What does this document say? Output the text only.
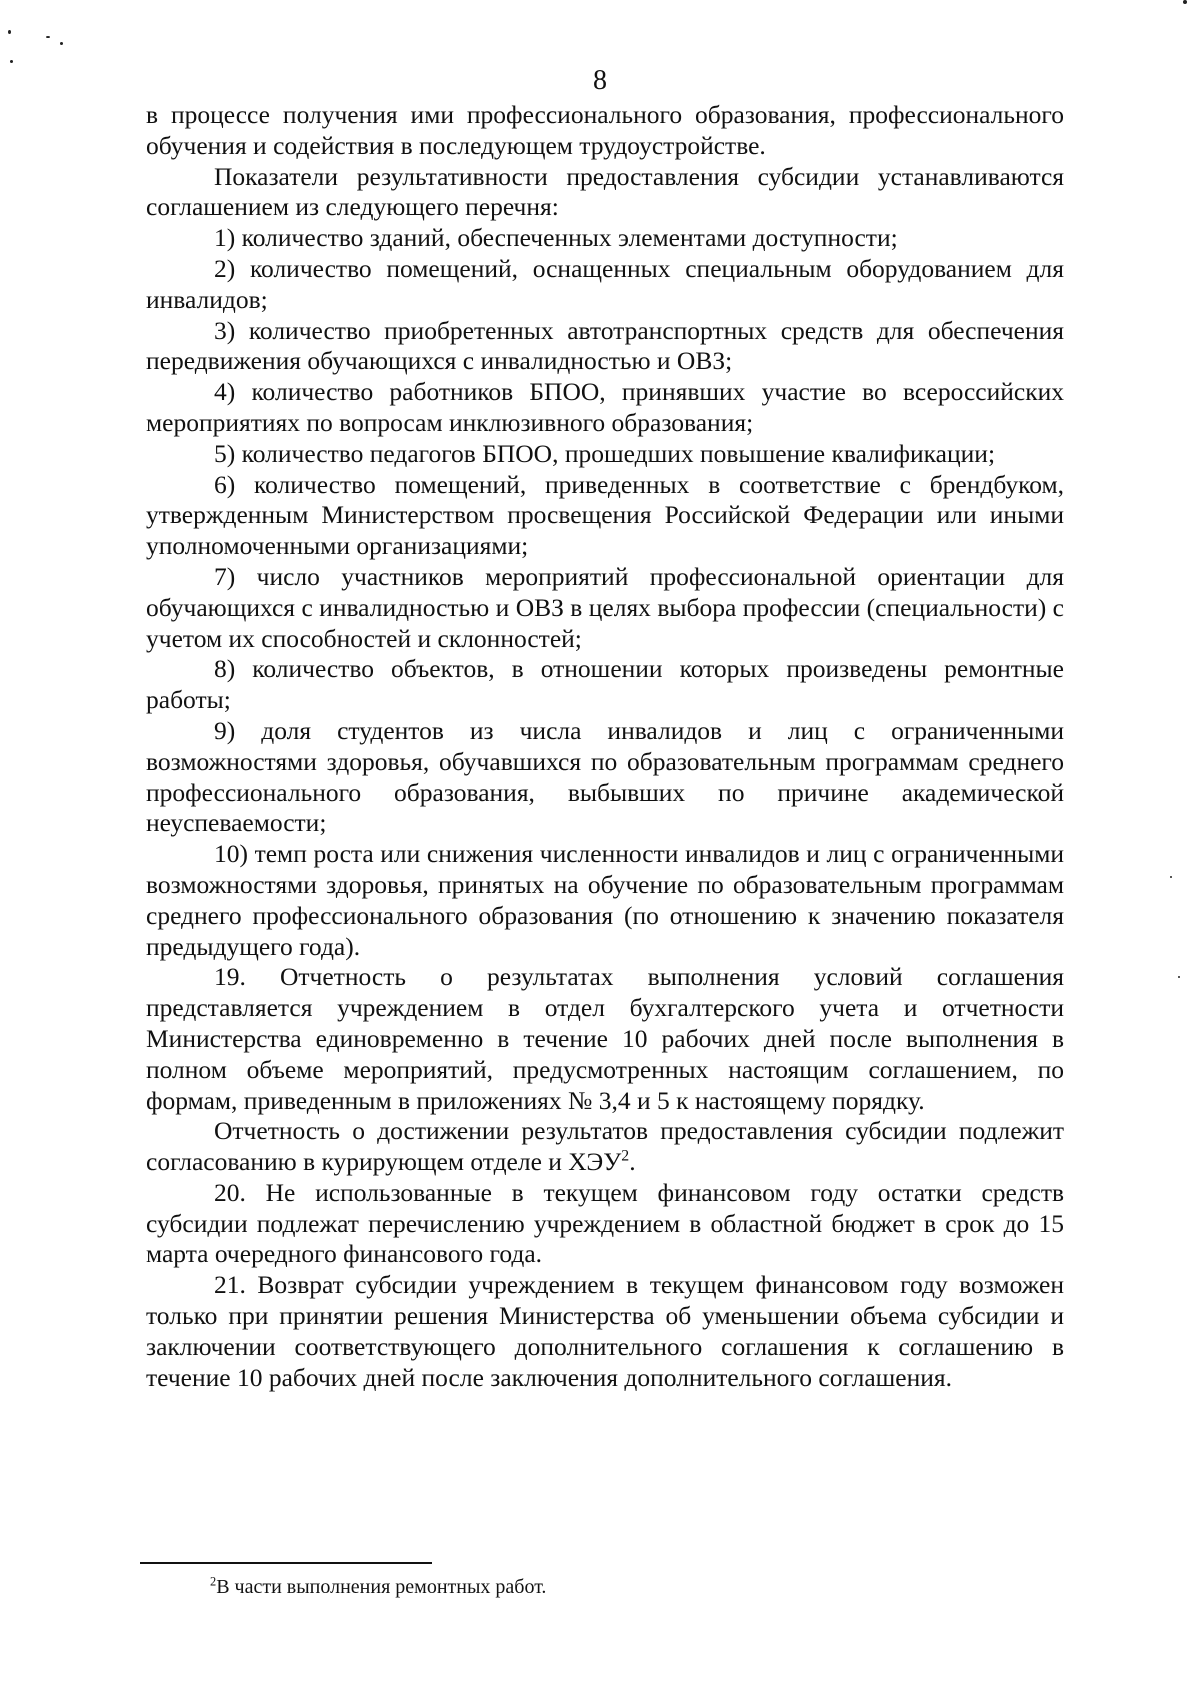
8

в процессе получения ими профессионального образования, профессионального обучения и содействия в последующем трудоустройстве.

Показатели результативности предоставления субсидии устанавливаются соглашением из следующего перечня:

1) количество зданий, обеспеченных элементами доступности;

2) количество помещений, оснащенных специальным оборудованием для инвалидов;

3) количество приобретенных автотранспортных средств для обеспечения передвижения обучающихся с инвалидностью и ОВЗ;

4) количество работников БПОО, принявших участие во всероссийских мероприятиях по вопросам инклюзивного образования;

5) количество педагогов БПОО, прошедших повышение квалификации;

6) количество помещений, приведенных в соответствие с брендбуком, утвержденным Министерством просвещения Российской Федерации или иными уполномоченными организациями;

7) число участников мероприятий профессиональной ориентации для обучающихся с инвалидностью и ОВЗ в целях выбора профессии (специальности) с учетом их способностей и склонностей;

8) количество объектов, в отношении которых произведены ремонтные работы;

9) доля студентов из числа инвалидов и лиц с ограниченными возможностями здоровья, обучавшихся по образовательным программам среднего профессионального образования, выбывших по причине академической неуспеваемости;

10) темп роста или снижения численности инвалидов и лиц с ограниченными возможностями здоровья, принятых на обучение по образовательным программам среднего профессионального образования (по отношению к значению показателя предыдущего года).

19. Отчетность о результатах выполнения условий соглашения представляется учреждением в отдел бухгалтерского учета и отчетности Министерства единовременно в течение 10 рабочих дней после выполнения в полном объеме мероприятий, предусмотренных настоящим соглашением, по формам, приведенным в приложениях № 3,4 и 5 к настоящему порядку.

Отчетность о достижении результатов предоставления субсидии подлежит согласованию в курирующем отделе и ХЭУ$^2$.

20. Не использованные в текущем финансовом году остатки средств субсидии подлежат перечислению учреждением в областной бюджет в срок до 15 марта очередного финансового года.

21. Возврат субсидии учреждением в текущем финансовом году возможен только при принятии решения Министерства об уменьшении объема субсидии и заключении соответствующего дополнительного соглашения к соглашению в течение 10 рабочих дней после заключения дополнительного соглашения.

$^2$В части выполнения ремонтных работ.
